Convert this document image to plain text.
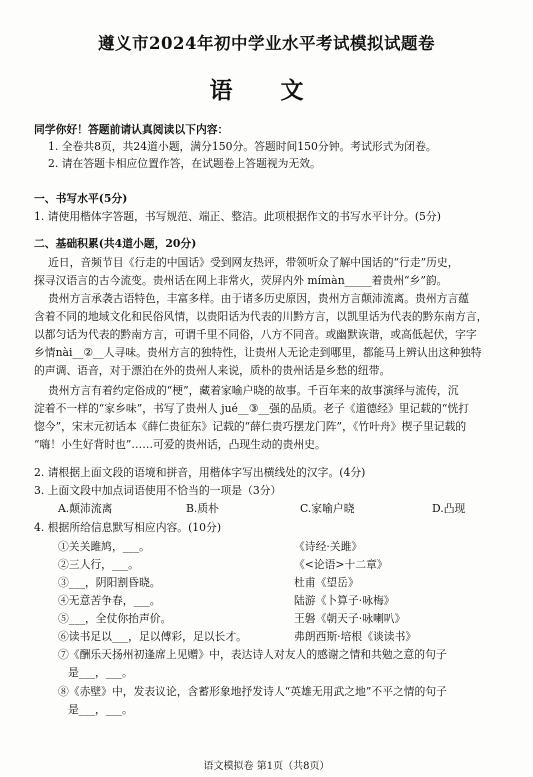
遵义市2024年初中学业水平考试模拟试题卷
语 文
同学你好！答题前请认真阅读以下内容：
1. 全卷共8页，共24道小题，满分150分。答题时间150分钟。考试形式为闭卷。
2. 请在答题卡相应位置作答，在试题卷上答题视为无效。
一、书写水平(5分)
1. 请使用楷体字答题，书写规范、端正、整洁。此项根据作文的书写水平计分。(5分)
二、基础积累(共4道小题，20分)
近日，音频节目《行走的中国话》受到网友热评，带领听众了解中国话的“行走”历史，
探寻汉语言的古今流变。贵州话在网上非常火，荧屏内外 mímàn_____着贵州“乡”韵。
贵州方言承袭古语特色，丰富多样。由于诸多历史原因，贵州方言颠沛流离。贵州方言蕴
含着不同的地域文化和民俗风情，以贵阳话为代表的川黔方言，以凯里话为代表的黔东南方言，
以都匀话为代表的黔南方言，可谓千里不同俗，八方不同音。或幽默诙谐，或高低起伏，字字
乡情nài__②__人寻味。贵州方言的独特性，让贵州人无论走到哪里，都能马上辨认出这种独特
的声调、语音，对于漂泊在外的贵州人来说，质朴的贵州话是乡愁的纽带。
贵州方言有着约定俗成的“梗”，藏着家喻户晓的故事。千百年来的故事演绎与流传，沉
淀着不一样的“家乡味”，书写了贵州人 jué__③__强的品质。老子《道德经》里记载的“恍打
惚今”，宋末元初话本《薛仁贵征东》记载的“薛仁贵巧摆龙门阵”，《竹叶舟》楔子里记载的
“嗨！小生好背时也”……可爱的贵州话，凸现生动的贵州史。
2. 请根据上面文段的语境和拼音，用楷体字写出横线处的汉字。(4分)
3. 上面文段中加点词语使用不恰当的一项是（3分）
A.颠沛流离	B.质朴	C.家喻户晓	D.凸现
4. 根据所给信息默写相应内容。(10分)
①关关雎鸠，___。	《诗经·关雎》
②三人行，___。	《<论语>十二章》
③___，阴阳割昏晓。	杜甫《望岳》
④无意苦争春，___。	陆游《卜算子·咏梅》
⑤___，全仗你抬声价。	王磐《朝天子·咏喇叭》
⑥读书足以___，足以傅彩，足以长才。	弗朗西斯·培根《谈读书》
⑦《酬乐天扬州初逢席上见赠》中，表达诗人对友人的感谢之情和共勉之意的句子
是___，___。
⑧《赤壁》中，发表议论，含蓄形象地抒发诗人“英雄无用武之地”不平之情的句子
是___，___。
语文模拟卷 第1页（共8页）
